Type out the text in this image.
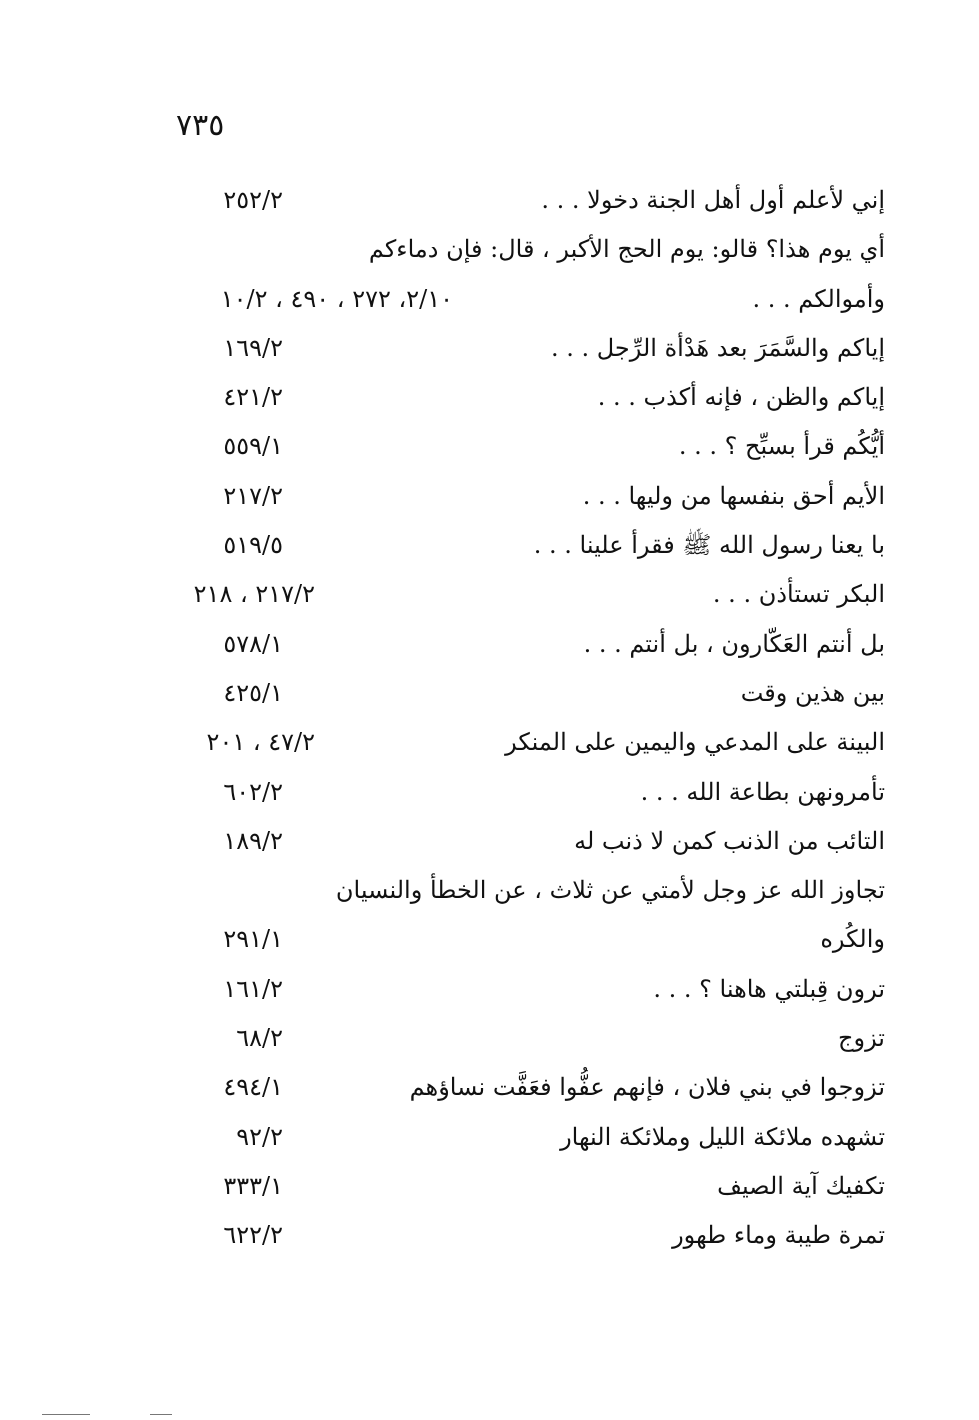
٧٣٥
إني لأعلم أول أهل الجنة دخولا . . .
٢٥٢/٢
أي يوم هذا؟ قالو: يوم الحج الأكبر ، قال: فإن دماءكم
وأموالكم . . .
٢/١٠، ٢٧٢ ، ٤٩٠ ، ١٠/٢
إياكم والسَّمَرَ بعد هَدْأة الرِّجل . . .
١٦٩/٢
إياكم والظن ، فإنه أكذب . . .
٤٢١/٢
أيُّكُم قرأ بسبِّح ؟ . . .
٥٥٩/١
الأيم أحق بنفسها من وليها . . .
٢١٧/٢
با يعنا رسول الله ﷺ فقرأ علينا . . .
٥١٩/٥
البكر تستأذن . . .
٢١٧/٢ ، ٢١٨
بل أنتم العَكّارون ، بل أنتم . . .
٥٧٨/١
بين هذين وقت
٤٢٥/١
البينة على المدعي واليمين على المنكر
٤٧/٢ ، ٢٠١
تأمرونهن بطاعة الله . . .
٦٠٢/٢
التائب من الذنب كمن لا ذنب له
١٨٩/٢
تجاوز الله عز وجل لأمتي عن ثلاث ، عن الخطأ والنسيان
والكُره
٢٩١/١
ترون قِبلتي هاهنا ؟ . . .
١٦١/٢
تزوج
٦٨/٢
تزوجوا في بني فلان ، فإنهم عفُّوا فعَفَّت نساؤهم
٤٩٤/١
تشهده ملائكة الليل وملائكة النهار
٩٢/٢
تكفيك آية الصيف
٣٣٣/١
تمرة طيبة وماء طهور
٦٢٢/٢
